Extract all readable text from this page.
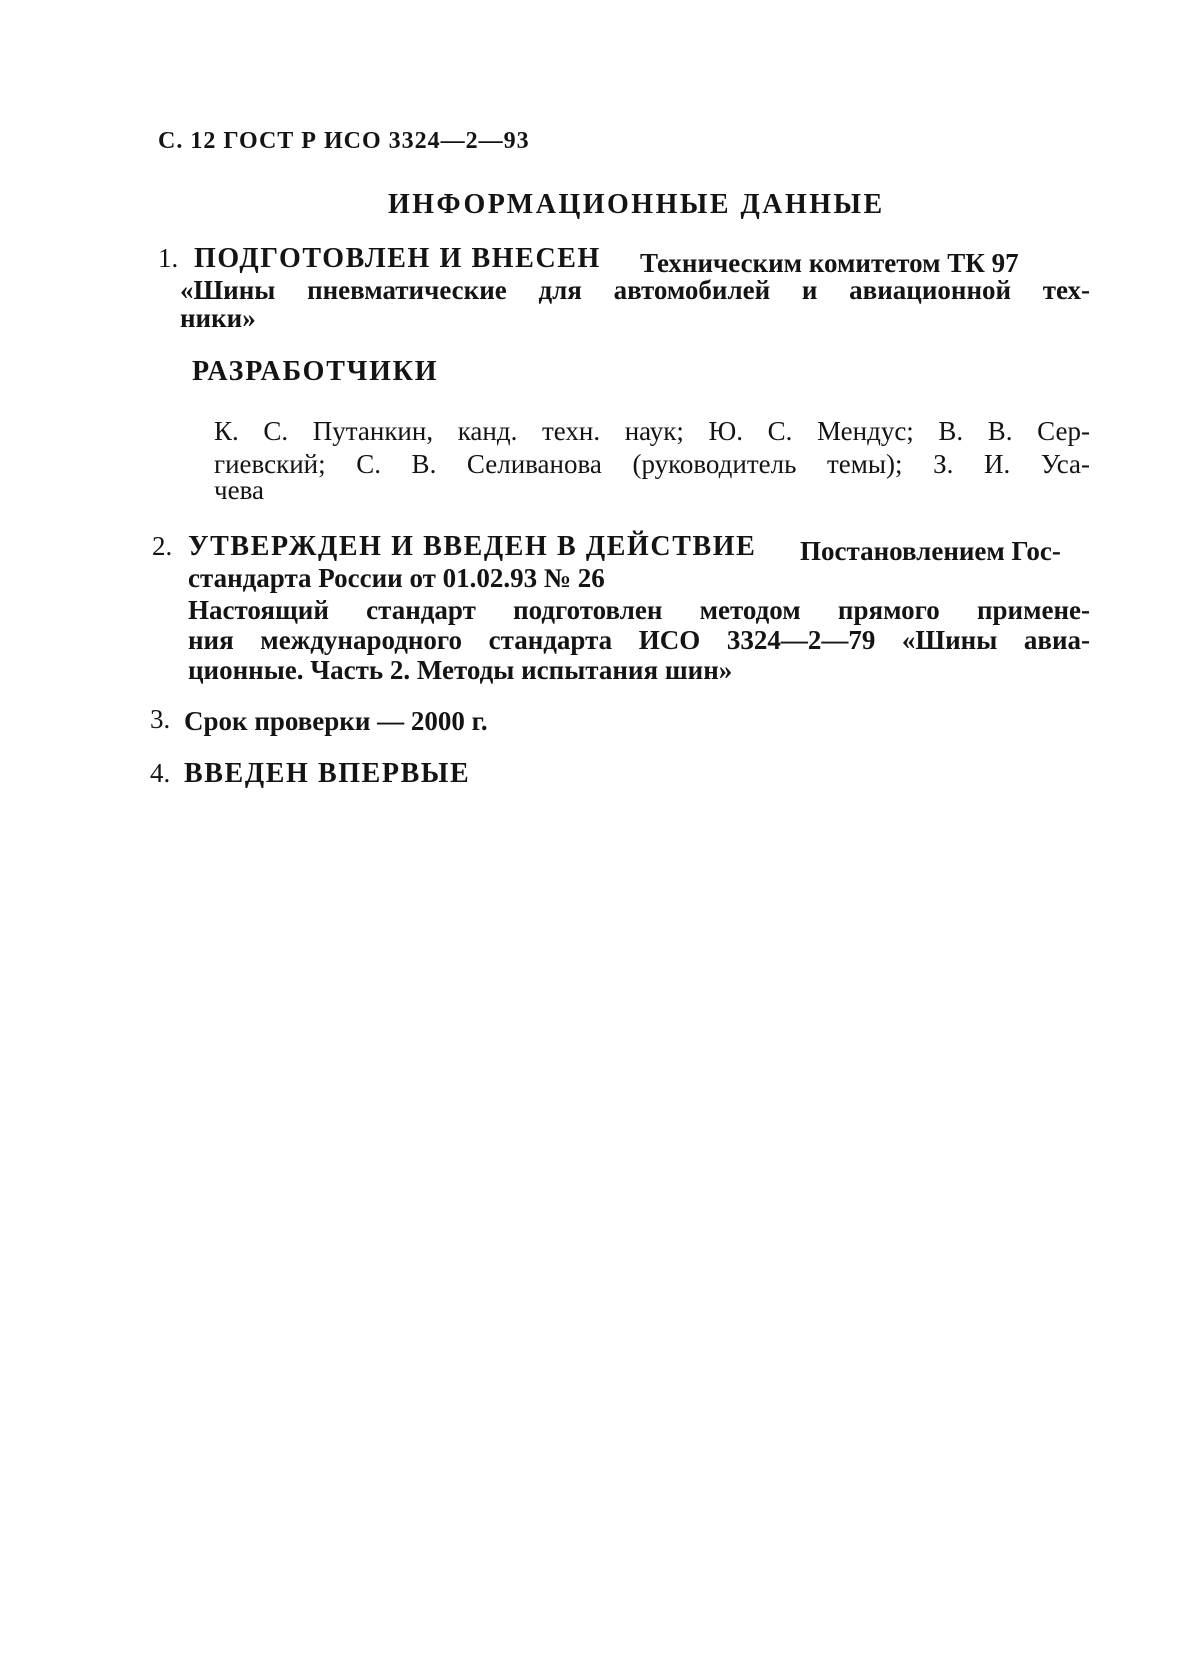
С. 12 ГОСТ Р ИСО 3324—2—93
ИНФОРМАЦИОННЫЕ ДАННЫЕ
1. ПОДГОТОВЛЕН И ВНЕСЕН Техническим комитетом ТК 97
«Шины пневматические для автомобилей и авиационной тех-
ники»
РАЗРАБОТЧИКИ
К. С. Путанкин, канд. техн. наук; Ю. С. Мендус; В. В. Сер-
гиевский; С. В. Селиванова (руководитель темы); З. И. Уса-
чева
2. УТВЕРЖДЕН И ВВЕДЕН В ДЕЙСТВИЕ Постановлением Гос-
стандарта России от 01.02.93 № 26
Настоящий стандарт подготовлен методом прямого примене-
ния международного стандарта ИСО 3324—2—79 «Шины авиа-
ционные. Часть 2. Методы испытания шин»
3. Срок проверки — 2000 г.
4. ВВЕДЕН ВПЕРВЫЕ
